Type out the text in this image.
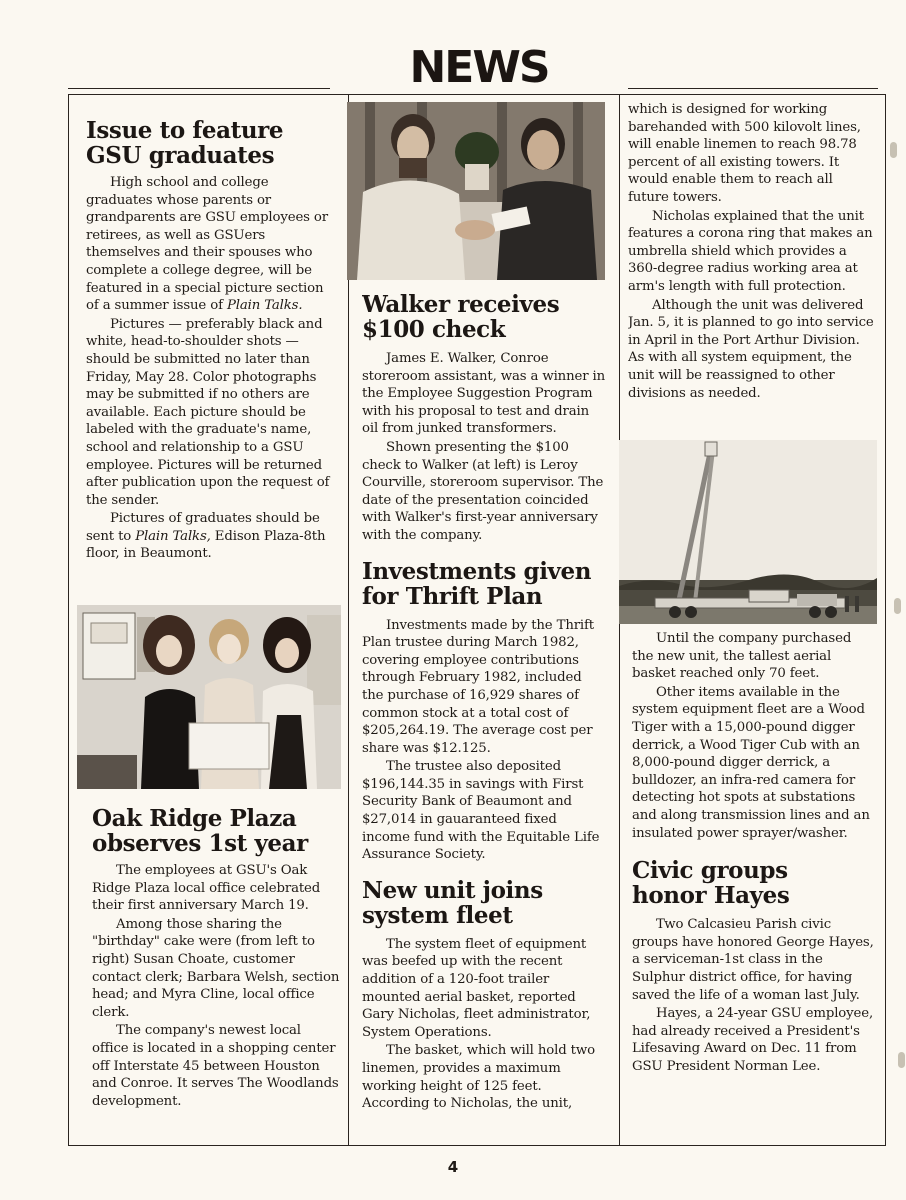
NEWS
Issue to feature
GSU graduates

High school and college graduates whose parents or grandparents are GSU employees or retirees, as well as GSUers themselves and their spouses who complete a college degree, will be featured in a special picture section of a summer issue of Plain Talks.

Pictures — preferably black and white, head-to-shoulder shots — should be submitted no later than Friday, May 28. Color photographs may be submitted if no others are available. Each picture should be labeled with the graduate's name, school and relationship to a GSU employee. Pictures will be returned after publication upon the request of the sender.

Pictures of graduates should be sent to Plain Talks, Edison Plaza-8th floor, in Beaumont.

Oak Ridge Plaza
observes 1st year

The employees at GSU's Oak Ridge Plaza local office celebrated their first anniversary March 19.

Among those sharing the "birthday" cake were (from left to right) Susan Choate, customer contact clerk; Barbara Welsh, section head; and Myra Cline, local office clerk.

The company's newest local office is located in a shopping center off Interstate 45 between Houston and Conroe. It serves The Woodlands development.

Walker receives
$100 check

James E. Walker, Conroe storeroom assistant, was a winner in the Employee Suggestion Program with his proposal to test and drain oil from junked transformers.

Shown presenting the $100 check to Walker (at left) is Leroy Courville, storeroom supervisor. The date of the presentation coincided with Walker's first-year anniversary with the company.

Investments given
for Thrift Plan

Investments made by the Thrift Plan trustee during March 1982, covering employee contributions through February 1982, included the purchase of 16,929 shares of common stock at a total cost of $205,264.19. The average cost per share was $12.125.

The trustee also deposited $196,144.35 in savings with First Security Bank of Beaumont and $27,014 in gauaranteed fixed income fund with the Equitable Life Assurance Society.

New unit joins
system fleet

The system fleet of equipment was beefed up with the recent addition of a 120-foot trailer mounted aerial basket, reported Gary Nicholas, fleet administrator, System Operations.

The basket, which will hold two linemen, provides a maximum working height of 125 feet. According to Nicholas, the unit,

which is designed for working barehanded with 500 kilovolt lines, will enable linemen to reach 98.78 percent of all existing towers. It would enable them to reach all future towers.

Nicholas explained that the unit features a corona ring that makes an umbrella shield which provides a 360-degree radius working area at arm's length with full protection.

Although the unit was delivered Jan. 5, it is planned to go into service in April in the Port Arthur Division. As with all system equipment, the unit will be reassigned to other divisions as needed.

Until the company purchased the new unit, the tallest aerial basket reached only 70 feet.

Other items available in the system equipment fleet are a Wood Tiger with a 15,000-pound digger derrick, a Wood Tiger Cub with an 8,000-pound digger derrick, a bulldozer, an infra-red camera for detecting hot spots at substations and along transmission lines and an insulated power sprayer/washer.

Civic groups
honor Hayes

Two Calcasieu Parish civic groups have honored George Hayes, a serviceman-1st class in the Sulphur district office, for having saved the life of a woman last July.

Hayes, a 24-year GSU employee, had already received a President's Lifesaving Award on Dec. 11 from GSU President Norman Lee.

4
